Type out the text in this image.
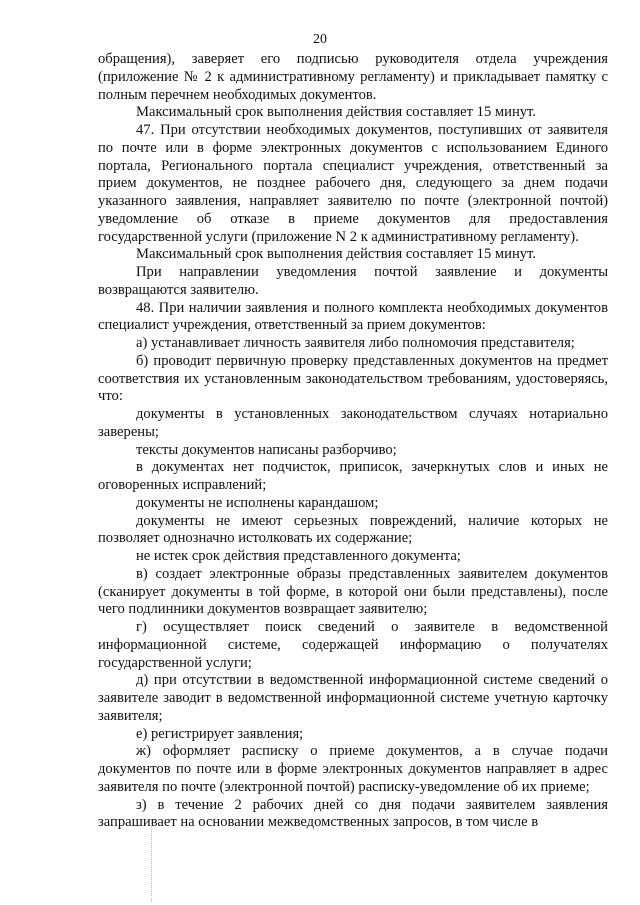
20

обращения), заверяет его подписью руководителя отдела учреждения (приложение № 2 к административному регламенту) и прикладывает памятку с полным перечнем необходимых документов.

Максимальный срок выполнения действия составляет 15 минут.

47. При отсутствии необходимых документов, поступивших от заявителя по почте или в форме электронных документов с использованием Единого портала, Регионального портала специалист учреждения, ответственный за прием документов, не позднее рабочего дня, следующего за днем подачи указанного заявления, направляет заявителю по почте (электронной почтой) уведомление об отказе в приеме документов для предоставления государственной услуги (приложение N 2 к административному регламенту).

Максимальный срок выполнения действия составляет 15 минут.

При направлении уведомления почтой заявление и документы возвращаются заявителю.

48. При наличии заявления и полного комплекта необходимых документов специалист учреждения, ответственный за прием документов:

а) устанавливает личность заявителя либо полномочия представителя;

б) проводит первичную проверку представленных документов на предмет соответствия их установленным законодательством требованиям, удостоверяясь, что:

документы в установленных законодательством случаях нотариально заверены;

тексты документов написаны разборчиво;

в документах нет подчисток, приписок, зачеркнутых слов и иных не оговоренных исправлений;

документы не исполнены карандашом;

документы не имеют серьезных повреждений, наличие которых не позволяет однозначно истолковать их содержание;

не истек срок действия представленного документа;

в) создает электронные образы представленных заявителем документов (сканирует документы в той форме, в которой они были представлены), после чего подлинники документов возвращает заявителю;

г) осуществляет поиск сведений о заявителе в ведомственной информационной системе, содержащей информацию о получателях государственной услуги;

д) при отсутствии в ведомственной информационной системе сведений о заявителе заводит в ведомственной информационной системе учетную карточку заявителя;

е) регистрирует заявления;

ж) оформляет расписку о приеме документов, а в случае подачи документов по почте или в форме электронных документов направляет в адрес заявителя по почте (электронной почтой) расписку-уведомление об их приеме;

з) в течение 2 рабочих дней со дня подачи заявителем заявления запрашивает на основании межведомственных запросов, в том числе в
